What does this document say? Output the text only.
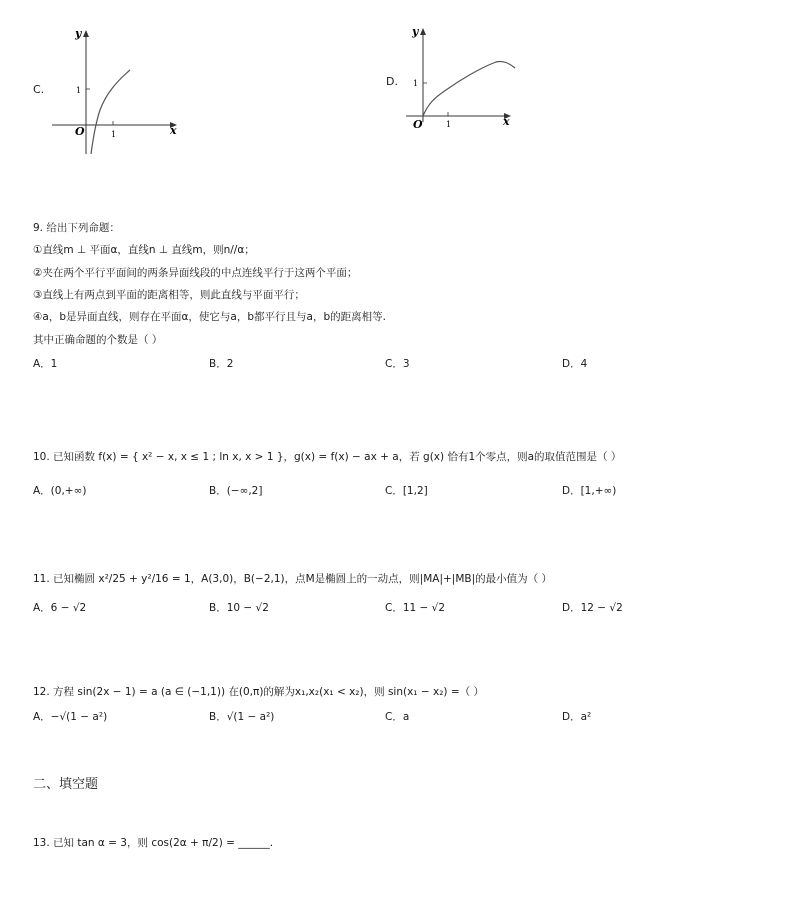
C.
y
x
O
1
1
D.
y
x
O
1
1
9. 给出下列命题：
①直线m ⊥ 平面α，直线n ⊥ 直线m，则n//α；
②夹在两个平行平面间的两条异面线段的中点连线平行于这两个平面；
③直线上有两点到平面的距离相等，则此直线与平面平行；
④a，b是异面直线，则存在平面α，使它与a，b都平行且与a，b的距离相等.
其中正确命题的个数是（ ）
A．1	B．2	C．3	D．4
10. 已知函数 f(x) = { x² − x, x ≤ 1 ; ln x, x > 1 }，g(x) = f(x) − ax + a，若 g(x) 恰有1个零点，则a的取值范围是（ ）
A．(0,+∞)	B．(−∞,2]	C．[1,2]	D．[1,+∞)
11. 已知椭圆 x²/25 + y²/16 = 1，A(3,0)，B(−2,1)，点M是椭圆上的一动点，则|MA|+|MB|的最小值为（ ）
A．6 − √2	B．10 − √2	C．11 − √2	D．12 − √2
12. 方程 sin(2x − 1) = a (a ∈ (−1,1)) 在(0,π)的解为x₁,x₂(x₁ < x₂)，则 sin(x₁ − x₂) =（ ）
A．−√(1 − a²)	B．√(1 − a²)	C．a	D．a²
二、填空题
13. 已知 tan α = 3，则 cos(2α + π/2) = ______.
